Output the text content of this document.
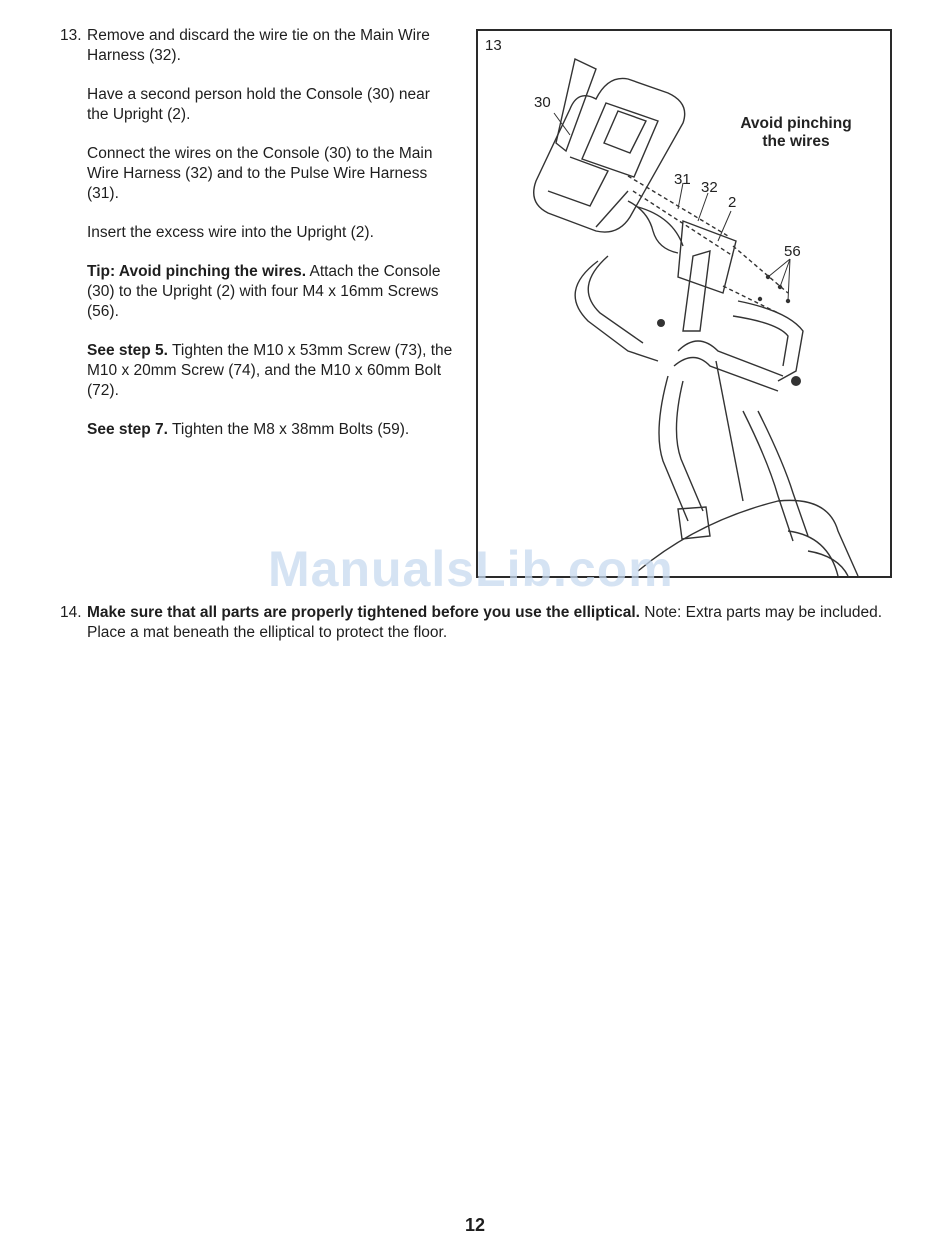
13. Remove and discard the wire tie on the Main Wire Harness (32).

Have a second person hold the Console (30) near the Upright (2).

Connect the wires on the Console (30) to the Main Wire Harness (32) and to the Pulse Wire Harness (31).

Insert the excess wire into the Upright (2).

Tip: Avoid pinching the wires. Attach the Console (30) to the Upright (2) with four M4 x 16mm Screws (56).

See step 5. Tighten the M10 x 53mm Screw (73), the M10 x 20mm Screw (74), and the M10 x 60mm Bolt (72).

See step 7. Tighten the M8 x 38mm Bolts (59).

13
30
31 32
2
56
Avoid pinching
the wires
ManualsLib.com
14. Make sure that all parts are properly tightened before you use the elliptical. Note: Extra parts may be included. Place a mat beneath the elliptical to protect the floor.
12
